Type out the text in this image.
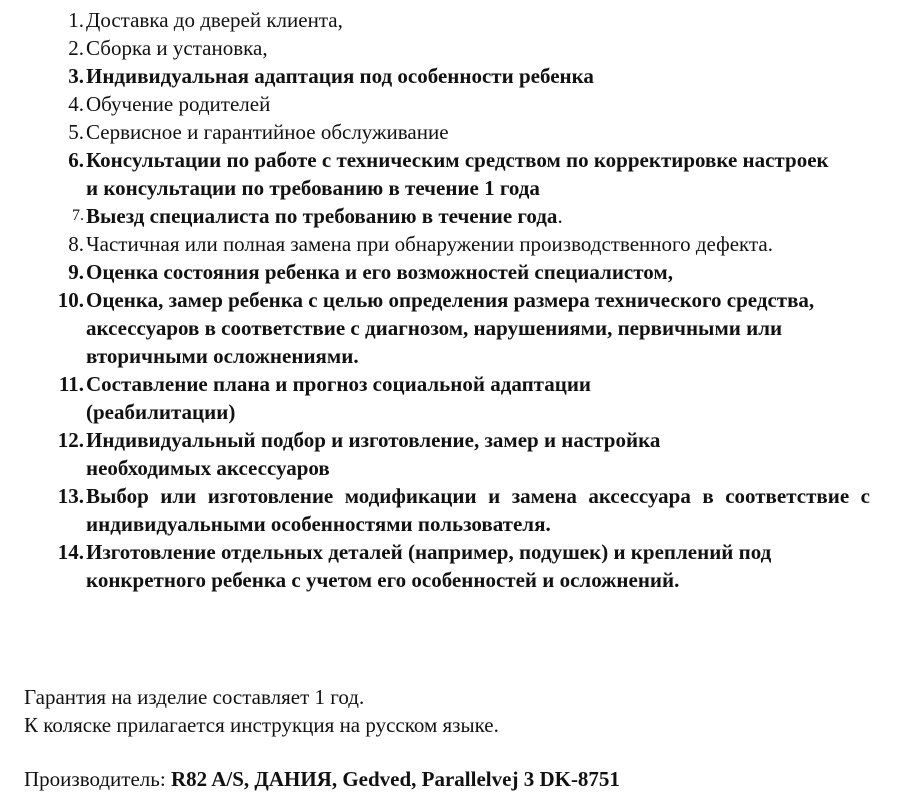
1. Доставка до дверей клиента,
2. Сборка и установка,
3. Индивидуальная адаптация под особенности ребенка
4. Обучение родителей
5. Сервисное и гарантийное обслуживание
6. Консультации по работе с техническим средством по корректировке настроек и консультации по требованию в течение 1 года
7. Выезд специалиста по требованию в течение года.
8. Частичная или полная замена при обнаружении производственного дефекта.
9. Оценка состояния ребенка и его возможностей специалистом,
10. Оценка, замер ребенка с целью определения размера технического средства, аксессуаров в соответствие с диагнозом, нарушениями, первичными или вторичными осложнениями.
11. Составление плана и прогноз социальной адаптации (реабилитации)
12. Индивидуальный подбор и изготовление, замер и настройка необходимых аксессуаров
13. Выбор или изготовление модификации и замена аксессуара в соответствие с индивидуальными особенностями пользователя.
14. Изготовление отдельных деталей (например, подушек) и креплений под конкретного ребенка с учетом его особенностей и осложнений.
Гарантия на изделие составляет 1 год.
К коляске прилагается инструкция на русском языке.
Производитель: R82 A/S, ДАНИЯ, Gedved, Parallelvej 3 DK-8751
